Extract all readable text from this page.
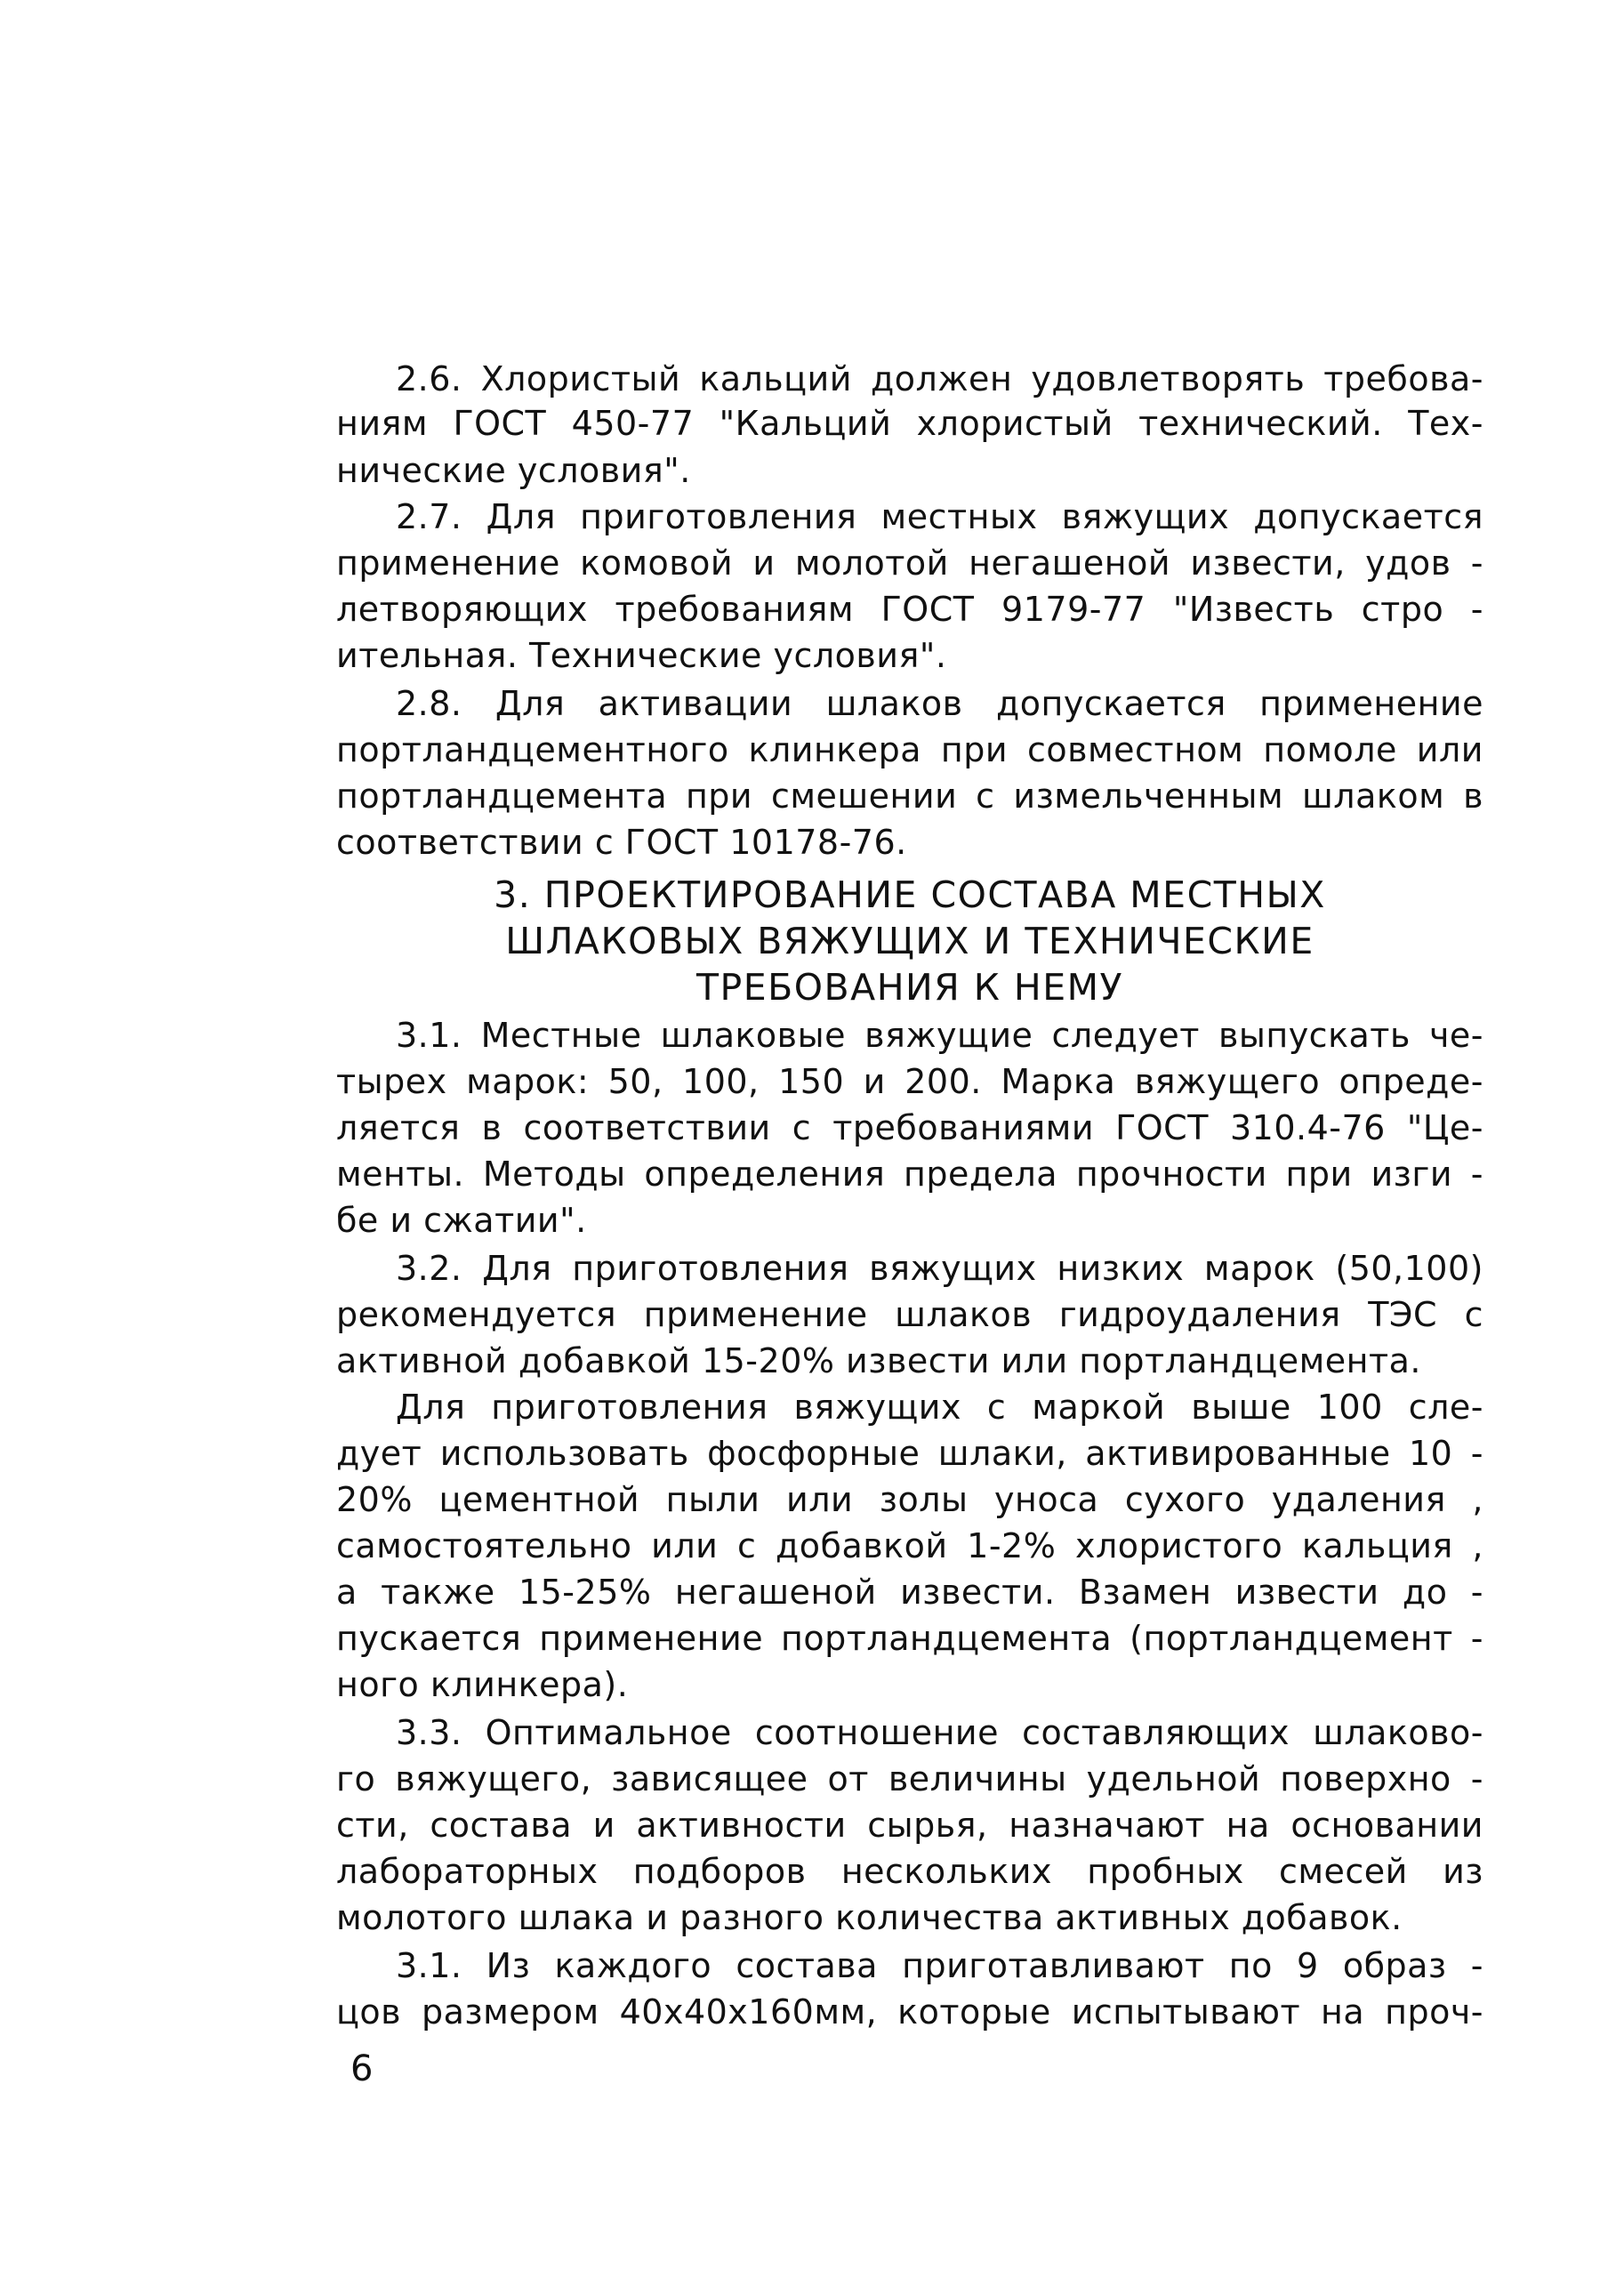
2.6. Хлористый кальций должен удовлетворять требова-
ниям ГОСТ 450-77 "Кальций хлористый технический. Тех-
нические условия".
2.7. Для приготовления местных вяжущих допускается
применение комовой и молотой негашеной извести, удов -
летворяющих требованиям ГОСТ 9179-77 "Известь стро -
ительная. Технические условия".
2.8. Для активации шлаков допускается применение
портландцементного клинкера при совместном помоле или
портландцемента при смешении с измельченным шлаком в
соответствии с ГОСТ 10178-76.
3. ПРОЕКТИРОВАНИЕ СОСТАВА МЕСТНЫХ
ШЛАКОВЫХ ВЯЖУЩИХ И ТЕХНИЧЕСКИЕ
ТРЕБОВАНИЯ К НЕМУ
3.1. Местные шлаковые вяжущие следует выпускать че-
тырех марок: 50, 100, 150 и 200. Марка вяжущего опреде-
ляется в соответствии с требованиями ГОСТ 310.4-76 "Це-
менты. Методы определения предела прочности при изги -
бе и сжатии".
3.2. Для приготовления вяжущих низких марок (50,100)
рекомендуется применение шлаков гидроудаления ТЭС с
активной добавкой 15-20% извести или портландцемента.
Для приготовления вяжущих с маркой выше 100 сле-
дует использовать фосфорные шлаки, активированные 10 -
20% цементной пыли или золы уноса сухого удаления ,
самостоятельно или с добавкой 1-2% хлористого кальция ,
а также 15-25% негашеной извести. Взамен извести до -
пускается применение портландцемента (портландцемент -
ного клинкера).
3.3. Оптимальное соотношение составляющих шлаково-
го вяжущего, зависящее от величины удельной поверхно -
сти, состава и активности сырья, назначают на основании
лабораторных подборов нескольких пробных смесей из
молотого шлака и разного количества активных добавок.
3.1. Из каждого состава приготавливают по 9 образ -
цов размером 40х40х160мм, которые испытывают на проч-
6
